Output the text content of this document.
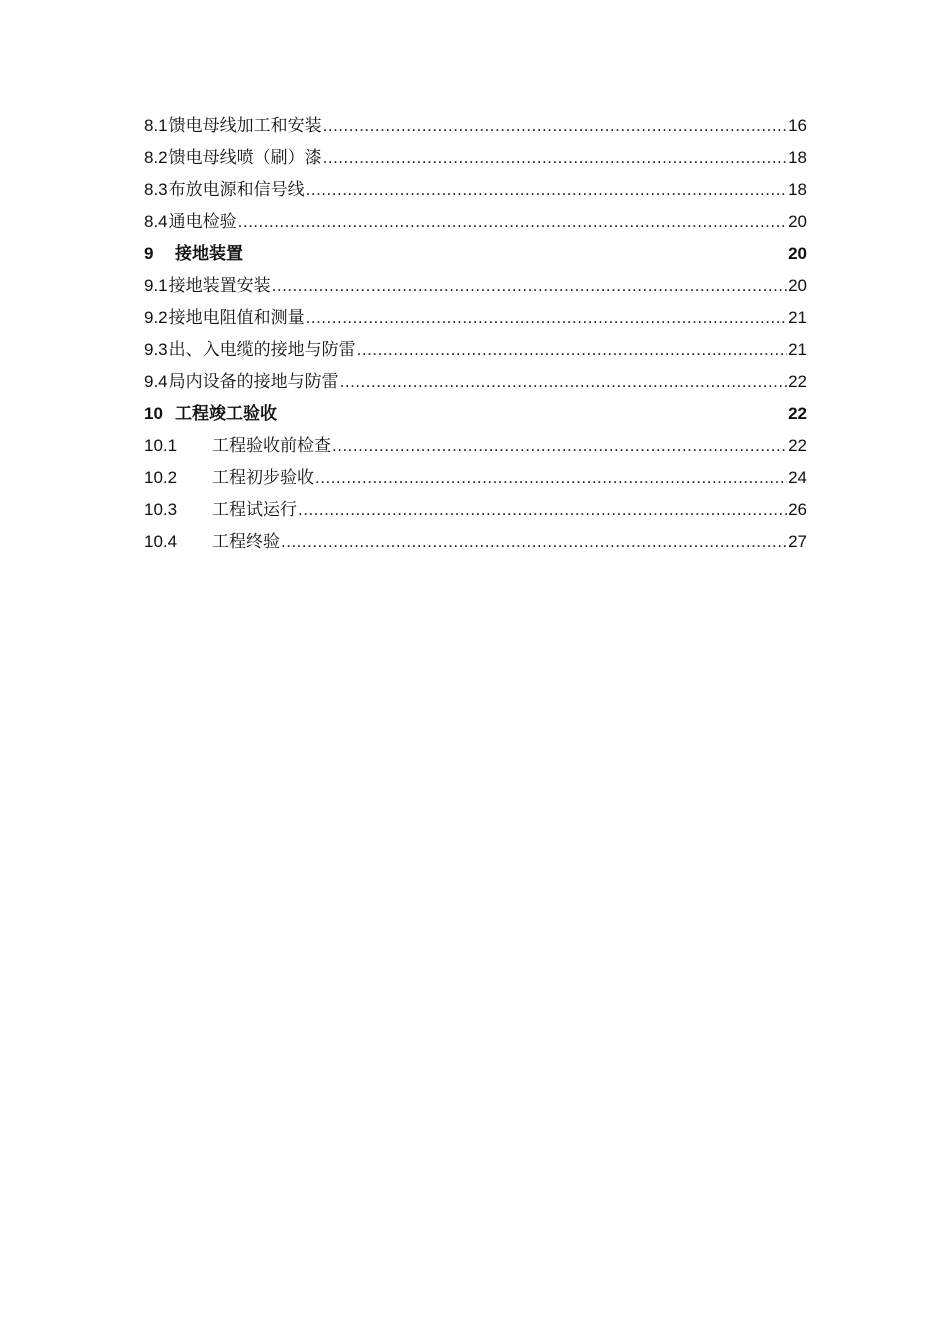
8.1 馈电母线加工和安装 .....	16
8.2 馈电母线喷（刷）漆 .....	18
8.3 布放电源和信号线 .....	18
8.4 通电检验 .....	20
9	接地装置	20
9.1 接地装置安装 .....	20
9.2 接地电阻值和测量 .....	21
9.3 出、入电缆的接地与防雷 .....	21
9.4 局内设备的接地与防雷 .....	22
10 工程竣工验收	22
10.1	工程验收前检查 .....	22
10.2	工程初步验收 .....	24
10.3	工程试运行 .....	26
10.4	工程终验 .....	27
